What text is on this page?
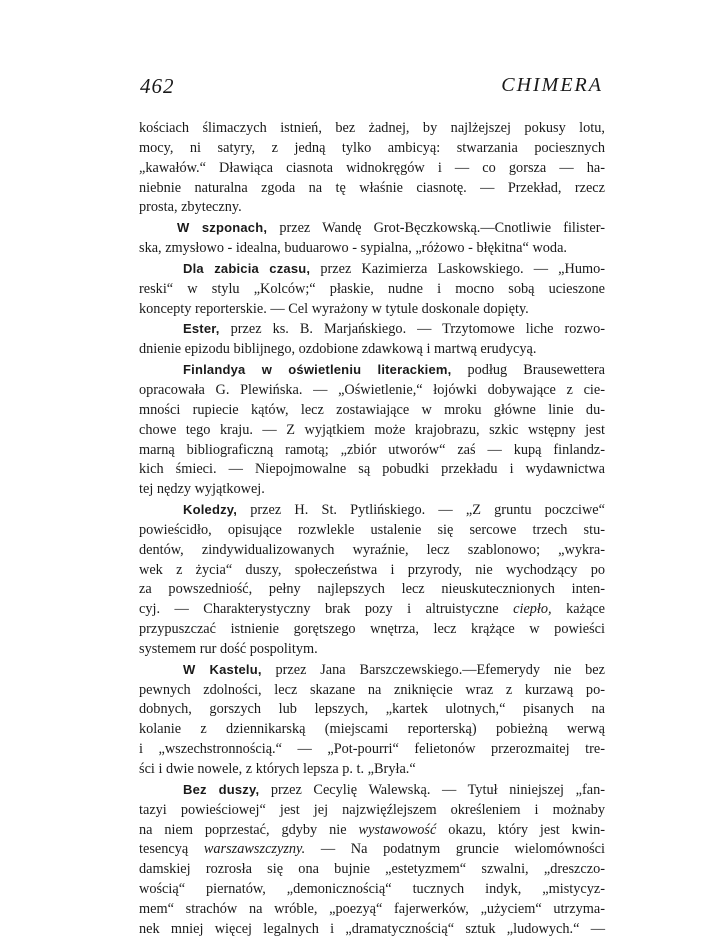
462	CHIMERA
kościach ślimaczych istnień, bez żadnej, by najlżejszej pokusy lotu,
mocy, ni satyry, z jedną tylko ambicyą: stwarzania pociesznych
„kawałów.“ Dławiąca ciasnota widnokręgów i — co gorsza — ha-
niebnie naturalna zgoda na tę właśnie ciasnotę. — Przekład, rzecz
prosta, zbyteczny.
W szponach, przez Wandę Grot-Bęczkowską.—Cnotliwie filister-
ska, zmysłowo - idealna, buduarowo - sypialna, „różowo - błękitna“ woda.
Dla zabicia czasu, przez Kazimierza Laskowskiego. — „Humo-
reski“ w stylu „Kolców;“ płaskie, nudne i mocno sobą ucieszone
koncepty reporterskie. — Cel wyrażony w tytule doskonale dopięty.
Ester, przez ks. B. Marjańskiego. — Trzytomowe liche rozwo-
dnienie epizodu biblijnego, ozdobione zdawkową i martwą erudycyą.
Finlandya w oświetleniu literackiem, podług Brausewettera
opracowała G. Plewińska. — „Oświetlenie,“ łojówki dobywające z cie-
mności rupiecie kątów, lecz zostawiające w mroku główne linie du-
chowe tego kraju. — Z wyjątkiem może krajobrazu, szkic wstępny jest
marną bibliograficzną ramotą; „zbiór utworów“ zaś — kupą finlandz-
kich śmieci. — Niepojmowalne są pobudki przekładu i wydawnictwa
tej nędzy wyjątkowej.
Koledzy, przez H. St. Pytlińskiego. — „Z gruntu poczciwe“
powieścidło, opisujące rozwlekle ustalenie się sercowe trzech stu-
dentów, zindywidualizowanych wyraźnie, lecz szablonowo; „wykra-
wek z życia“ duszy, społeczeństwa i przyrody, nie wychodzący po
za powszedniość, pełny najlepszych lecz nieuskutecznionych inten-
cyj. — Charakterystyczny brak pozy i altruistyczne ciepło, każące
przypuszczać istnienie gorętszego wnętrza, lecz krążące w powieści
systemem rur dość pospolitym.
W Kastelu, przez Jana Barszczewskiego.—Efemerydy nie bez
pewnych zdolności, lecz skazane na zniknięcie wraz z kurzawą po-
dobnych, gorszych lub lepszych, „kartek ulotnych,“ pisanych na
kolanie z dziennikarską (miejscami reporterską) pobieżną werwą
i „wszechstronnością.“ — „Pot-pourri“ felietonów przerozmaitej tre-
ści i dwie nowele, z których lepsza p. t. „Bryła.“
Bez duszy, przez Cecylię Walewską. — Tytuł niniejszej „fan-
tazyi powieściowej“ jest jej najzwięźlejszem określeniem i możnaby
na niem poprzestać, gdyby nie wystawowość okazu, który jest kwin-
tesencyą warszawszczyzny. — Na podatnym gruncie wielomówności
damskiej rozrosła się ona bujnie „estetyzmem“ szwalni, „dreszczo-
wością“ piernatów, „demonicznością“ tucznych indyk, „mistycyz-
mem“ strachów na wróble, „poezyą“ fajerwerków, „użyciem“ utrzyma-
nek mniej więcej legalnych i „dramatycznością“ sztuk „ludowych.“ —
